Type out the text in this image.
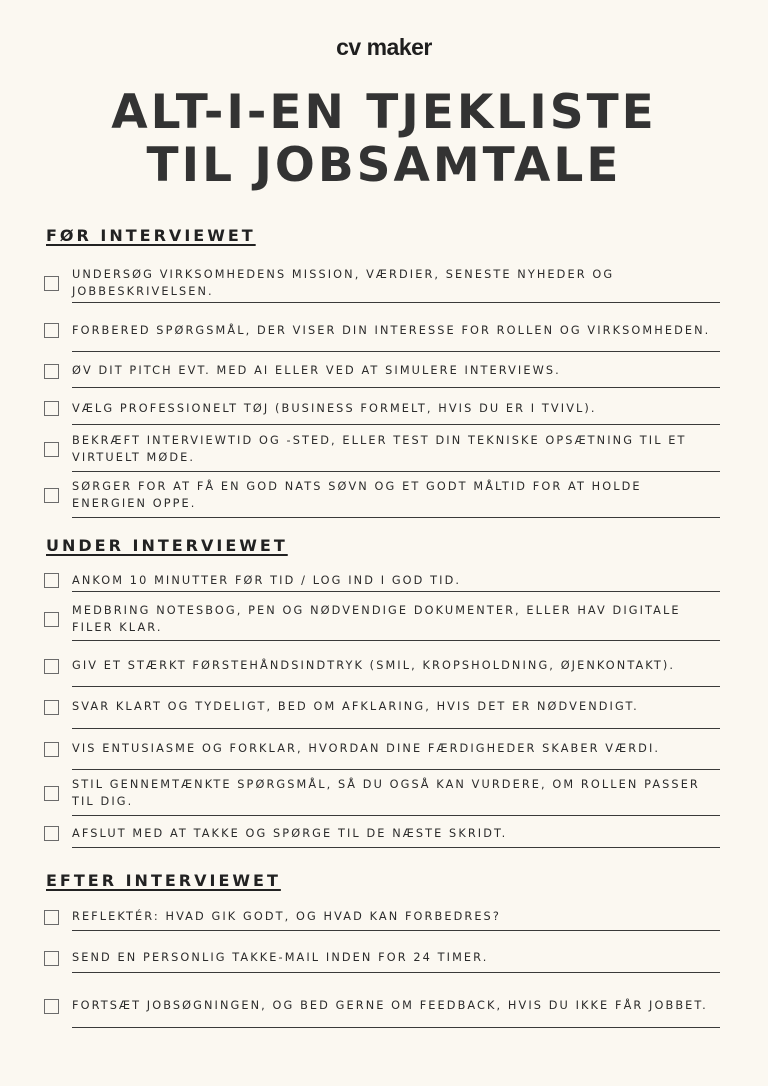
cv maker
ALT-I-EN TJEKLISTE
TIL JOBSAMTALE
FØR INTERVIEWET
UNDERSØG VIRKSOMHEDENS MISSION, VÆRDIER, SENESTE NYHEDER OG JOBBESKRIVELSEN.
FORBERED SPØRGSMÅL, DER VISER DIN INTERESSE FOR ROLLEN OG VIRKSOMHEDEN.
ØV DIT PITCH EVT. MED AI ELLER VED AT SIMULERE INTERVIEWS.
VÆLG PROFESSIONELT TØJ (BUSINESS FORMELT, HVIS DU ER I TVIVL).
BEKRÆFT INTERVIEWTID OG -STED, ELLER TEST DIN TEKNISKE OPSÆTNING TIL ET VIRTUELT MØDE.
SØRGER FOR AT FÅ EN GOD NATS SØVN OG ET GODT MÅLTID FOR AT HOLDE ENERGIEN OPPE.
UNDER INTERVIEWET
ANKOM 10 MINUTTER FØR TID / LOG IND I GOD TID.
MEDBRING NOTESBOG, PEN OG NØDVENDIGE DOKUMENTER, ELLER HAV DIGITALE FILER KLAR.
GIV ET STÆRKT FØRSTEHÅNDSINDTRYK (SMIL, KROPSHOLDNING, ØJENKONTAKT).
SVAR KLART OG TYDELIGT, BED OM AFKLARING, HVIS DET ER NØDVENDIGT.
VIS ENTUSIASME OG FORKLAR, HVORDAN DINE FÆRDIGHEDER SKABER VÆRDI.
STIL GENNEMTÆNKTE SPØRGSMÅL, SÅ DU OGSÅ KAN VURDERE, OM ROLLEN PASSER TIL DIG.
AFSLUT MED AT TAKKE OG SPØRGE TIL DE NÆSTE SKRIDT.
EFTER INTERVIEWET
REFLEKTÉR: HVAD GIK GODT, OG HVAD KAN FORBEDRES?
SEND EN PERSONLIG TAKKE-MAIL INDEN FOR 24 TIMER.
FORTSÆT JOBSØGNINGEN, OG BED GERNE OM FEEDBACK, HVIS DU IKKE FÅR JOBBET.
